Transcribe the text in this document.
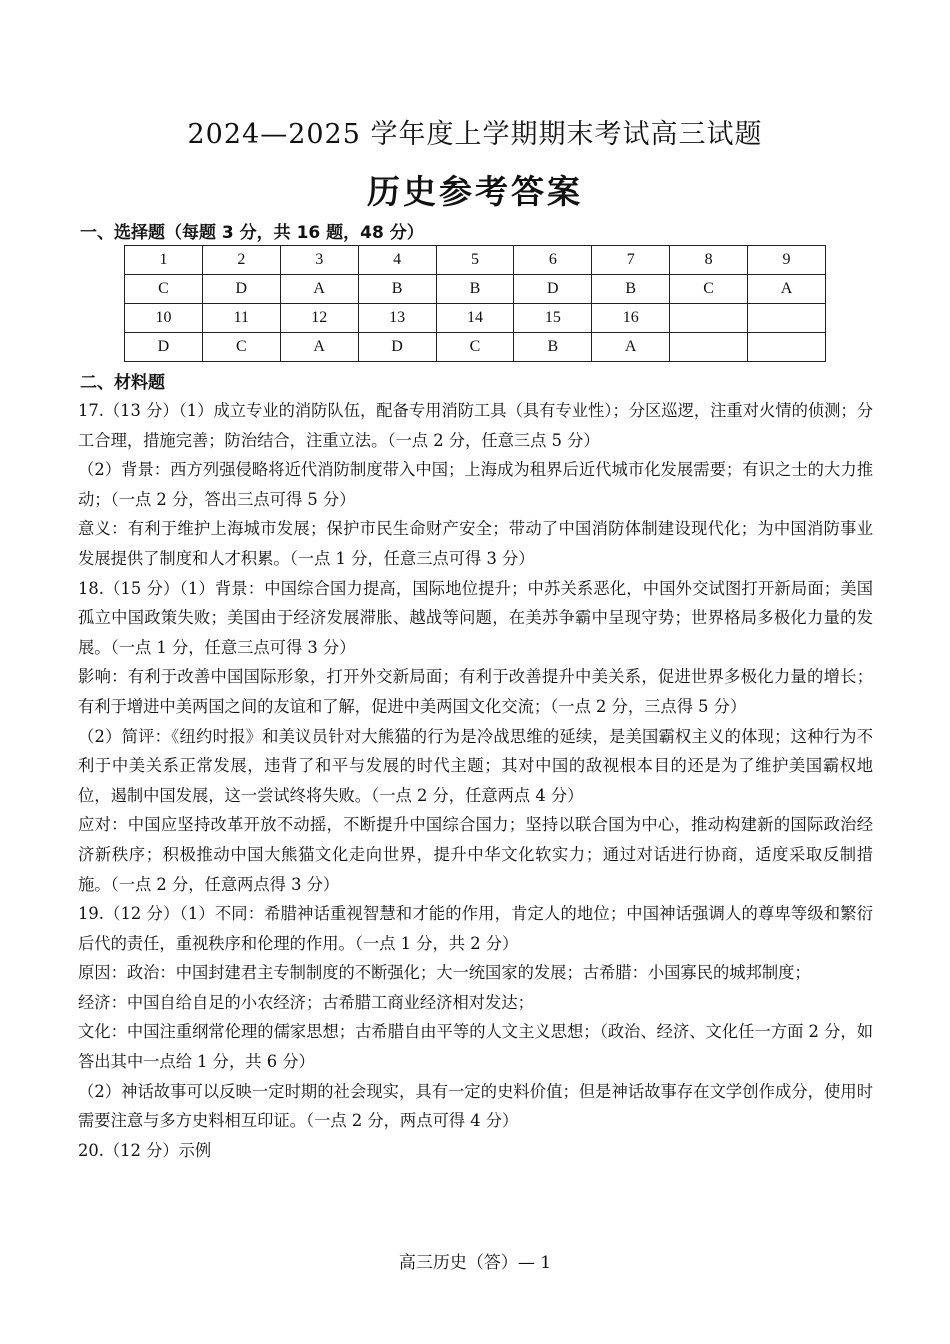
2024—2025 学年度上学期期末考试高三试题
历史参考答案
一、选择题（每题 3 分，共 16 题，48 分）
1	2	3	4	5	6	7	8	9
C	D	A	B	B	D	B	C	A
10	11	12	13	14	15	16		
D	C	A	D	C	B	A		
二、材料题

17.（13 分）（1）成立专业的消防队伍，配备专用消防工具（具有专业性）；分区巡逻，注重对火情的侦测；分工合理，措施完善；防治结合，注重立法。（一点 2 分，任意三点 5 分）

（2）背景：西方列强侵略将近代消防制度带入中国；上海成为租界后近代城市化发展需要；有识之士的大力推动；（一点 2 分，答出三点可得 5 分）

意义：有利于维护上海城市发展；保护市民生命财产安全；带动了中国消防体制建设现代化；为中国消防事业发展提供了制度和人才积累。（一点 1 分，任意三点可得 3 分）

18.（15 分）（1）背景：中国综合国力提高，国际地位提升；中苏关系恶化，中国外交试图打开新局面；美国孤立中国政策失败；美国由于经济发展滞胀、越战等问题，在美苏争霸中呈现守势；世界格局多极化力量的发展。（一点 1 分，任意三点可得 3 分）

影响：有利于改善中国国际形象，打开外交新局面；有利于改善提升中美关系，促进世界多极化力量的增长；有利于增进中美两国之间的友谊和了解，促进中美两国文化交流；（一点 2 分，三点得 5 分）

（2）简评：《纽约时报》和美议员针对大熊猫的行为是冷战思维的延续，是美国霸权主义的体现；这种行为不利于中美关系正常发展，违背了和平与发展的时代主题；其对中国的敌视根本目的还是为了维护美国霸权地位，遏制中国发展，这一尝试终将失败。（一点 2 分，任意两点 4 分）

应对：中国应坚持改革开放不动摇，不断提升中国综合国力；坚持以联合国为中心，推动构建新的国际政治经济新秩序；积极推动中国大熊猫文化走向世界，提升中华文化软实力；通过对话进行协商，适度采取反制措施。（一点 2 分，任意两点得 3 分）

19.（12 分）（1）不同：希腊神话重视智慧和才能的作用，肯定人的地位；中国神话强调人的尊卑等级和繁衍后代的责任，重视秩序和伦理的作用。（一点 1 分，共 2 分）

原因：政治：中国封建君主专制制度的不断强化；大一统国家的发展；古希腊：小国寡民的城邦制度；

经济：中国自给自足的小农经济；古希腊工商业经济相对发达；

文化：中国注重纲常伦理的儒家思想；古希腊自由平等的人文主义思想；（政治、经济、文化任一方面 2 分，如答出其中一点给 1 分，共 6 分）

（2）神话故事可以反映一定时期的社会现实，具有一定的史料价值；但是神话故事存在文学创作成分，使用时需要注意与多方史料相互印证。（一点 2 分，两点可得 4 分）

20.（12 分）示例

高三历史（答）— 1
